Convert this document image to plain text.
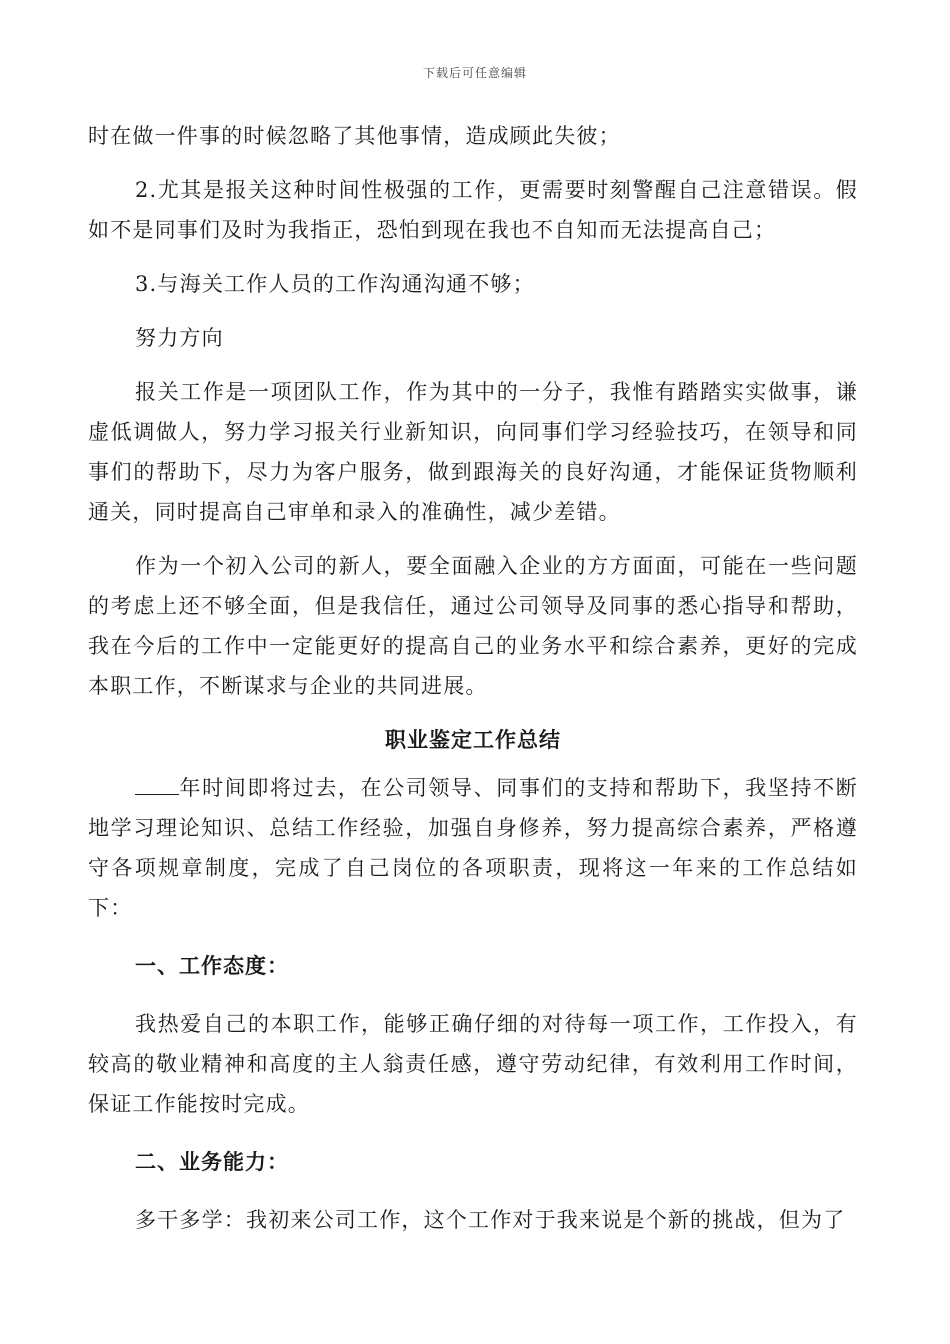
下载后可任意编辑

时在做一件事的时候忽略了其他事情，造成顾此失彼；

2.尤其是报关这种时间性极强的工作，更需要时刻警醒自己注意错误。假如不是同事们及时为我指正，恐怕到现在我也不自知而无法提高自己；

3.与海关工作人员的工作沟通沟通不够；

努力方向

报关工作是一项团队工作，作为其中的一分子，我惟有踏踏实实做事，谦虚低调做人，努力学习报关行业新知识，向同事们学习经验技巧，在领导和同事们的帮助下，尽力为客户服务，做到跟海关的良好沟通，才能保证货物顺利通关，同时提高自己审单和录入的准确性，减少差错。

作为一个初入公司的新人，要全面融入企业的方方面面，可能在一些问题的考虑上还不够全面，但是我信任，通过公司领导及同事的悉心指导和帮助，我在今后的工作中一定能更好的提高自己的业务水平和综合素养，更好的完成本职工作，不断谋求与企业的共同进展。

职业鉴定工作总结

年时间即将过去，在公司领导、同事们的支持和帮助下，我坚持不断地学习理论知识、总结工作经验，加强自身修养，努力提高综合素养，严格遵守各项规章制度，完成了自己岗位的各项职责，现将这一年来的工作总结如下：

一、工作态度：

我热爱自己的本职工作，能够正确仔细的对待每一项工作，工作投入，有较高的敬业精神和高度的主人翁责任感，遵守劳动纪律，有效利用工作时间，保证工作能按时完成。

二、业务能力：

多干多学：我初来公司工作，这个工作对于我来说是个新的挑战，但为了
